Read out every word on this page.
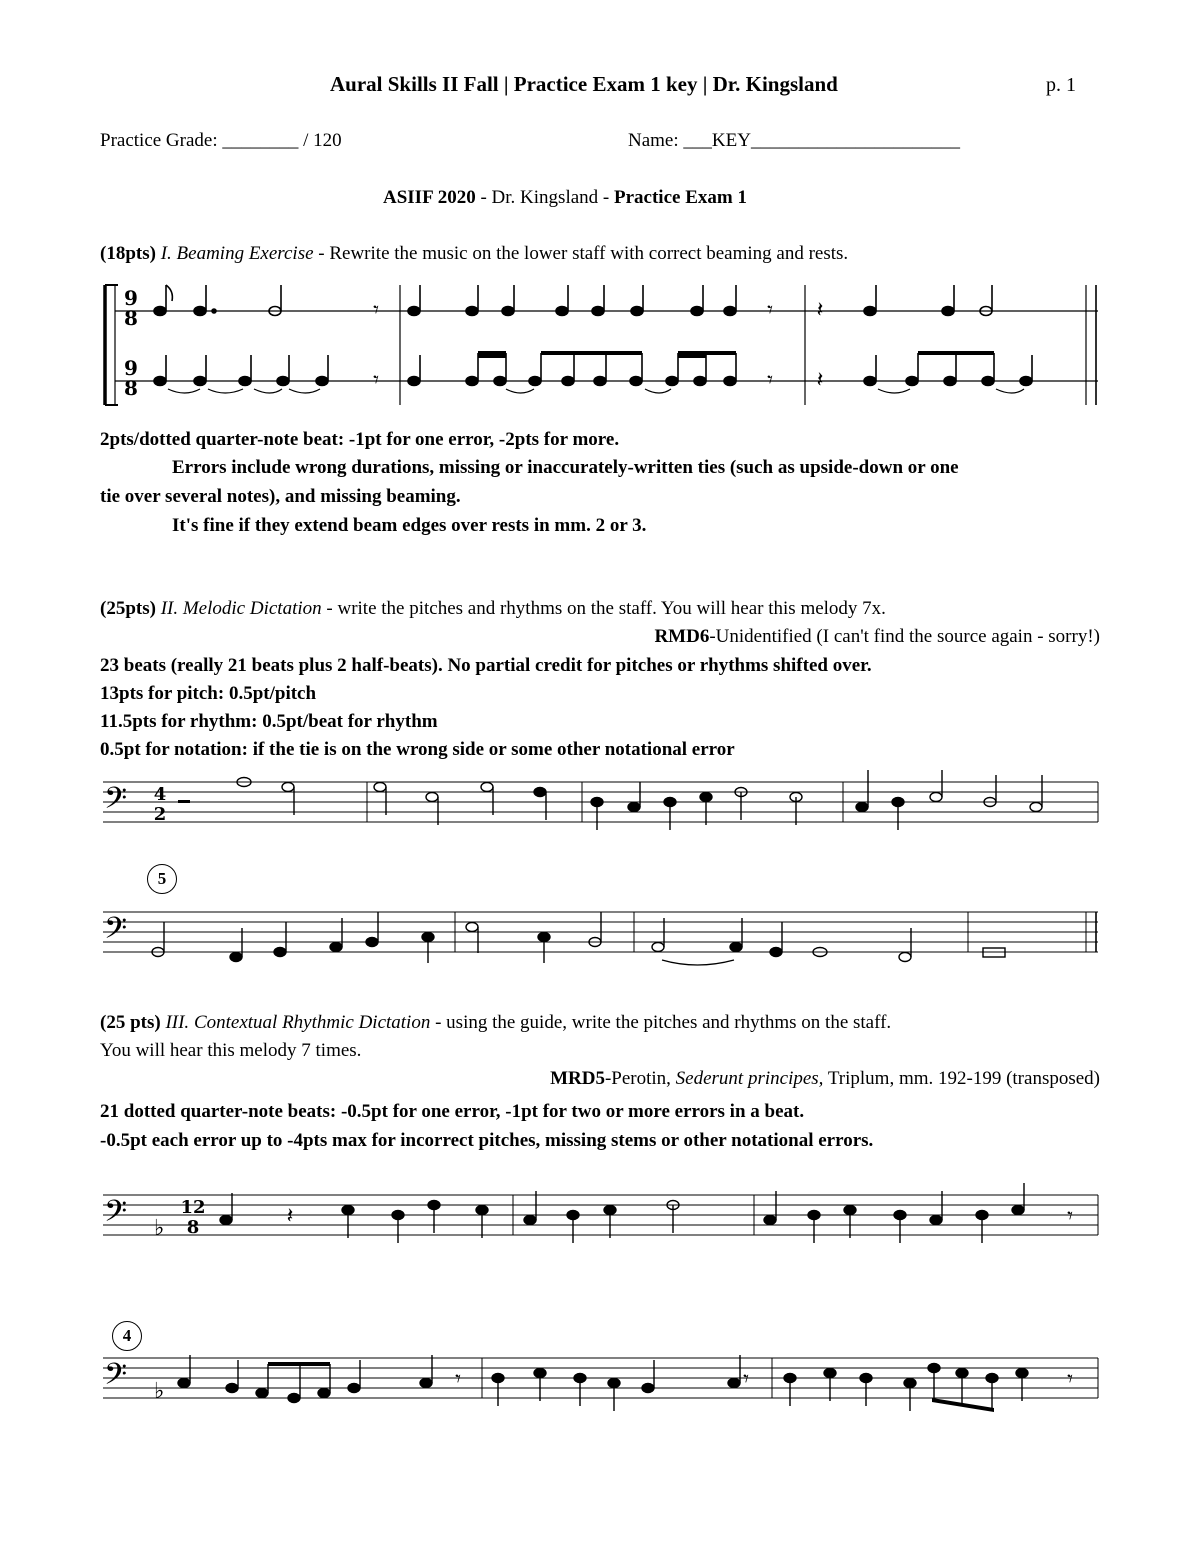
Aural Skills II Fall | Practice Exam 1 key | Dr. Kingsland	p. 1
Practice Grade: ________ / 120	Name: ___KEY______________________
ASIIF 2020 - Dr. Kingsland - Practice Exam 1
(18pts) I. Beaming Exercise - Rewrite the music on the lower staff with correct beaming and rests.
9
8
9
8
𝄾
𝄾
𝄾
𝄾
𝄽
𝄽
2pts/dotted quarter-note beat: -1pt for one error, -2pts for more.
Errors include wrong durations, missing or inaccurately-written ties (such as upside-down or one
tie over several notes), and missing beaming.
It's fine if they extend beam edges over rests in mm. 2 or 3.
(25pts) II. Melodic Dictation - write the pitches and rhythms on the staff. You will hear this melody 7x.
RMD6-Unidentified (I can't find the source again - sorry!)
23 beats (really 21 beats plus 2 half-beats). No partial credit for pitches or rhythms shifted over.
13pts for pitch: 0.5pt/pitch
11.5pts for rhythm: 0.5pt/beat for rhythm
0.5pt for notation: if the tie is on the wrong side or some other notational error
𝄢 4
2
5
𝄢
(25 pts) III. Contextual Rhythmic Dictation - using the guide, write the pitches and rhythms on the staff.
You will hear this melody 7 times.
MRD5-Perotin, Sederunt principes, Triplum, mm. 192-199 (transposed)
21 dotted quarter-note beats: -0.5pt for one error, -1pt for two or more errors in a beat.
-0.5pt each error up to -4pts max for incorrect pitches, missing stems or other notational errors.
𝄢 ♭
12
8	𝄽	𝄾
4
𝄢 ♭	𝄾	𝄾	𝄾
